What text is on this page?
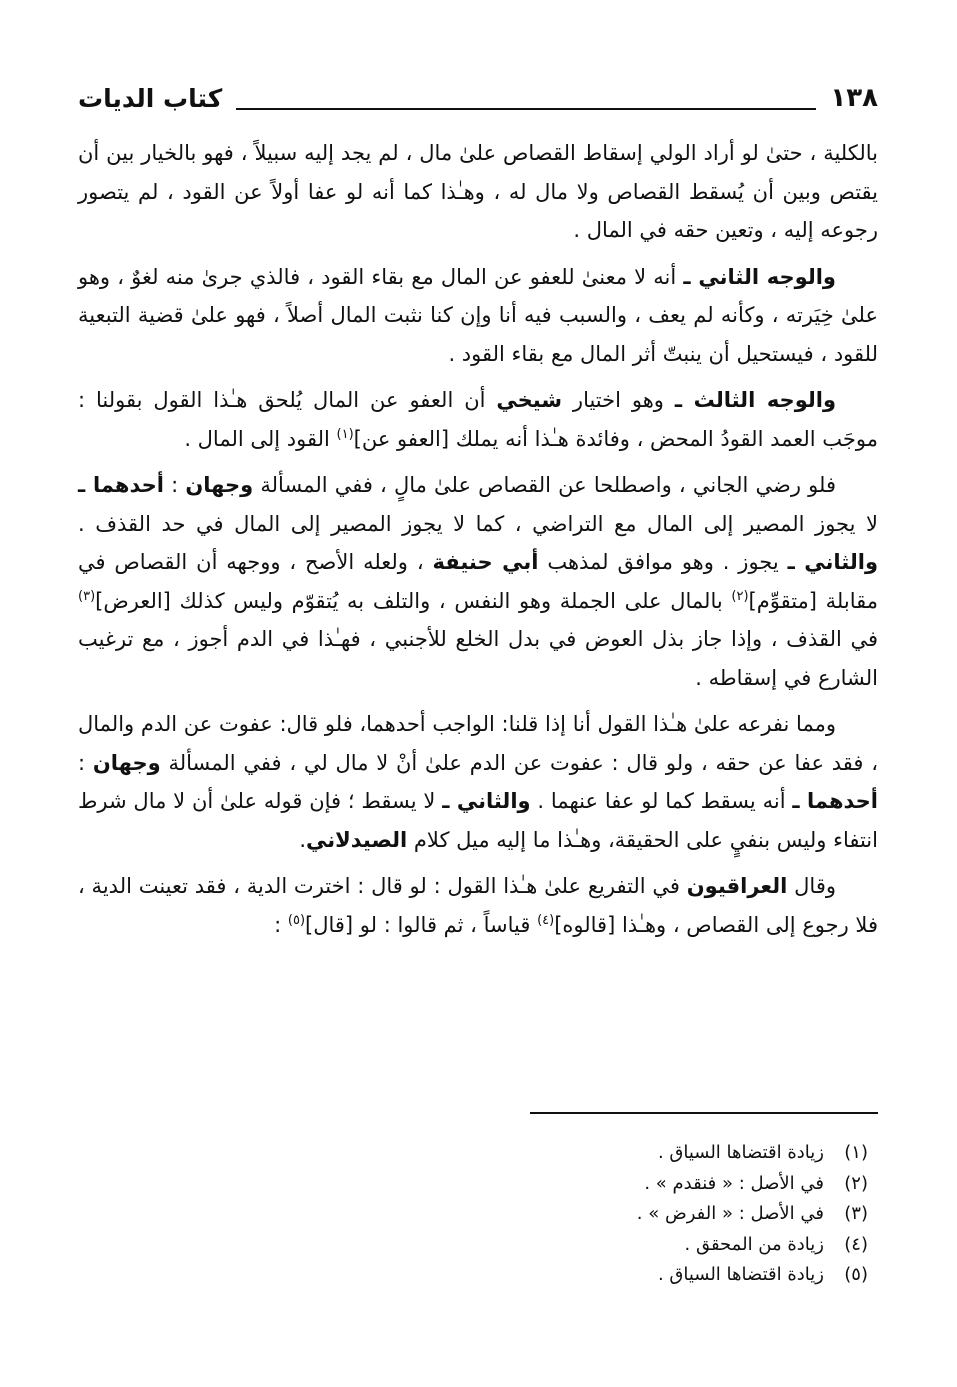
١٣٨
كتاب الديات

بالكلية ، حتىٰ لو أراد الولي إسقاط القصاص علىٰ مال ، لم يجد إليه سبيلاً ، فهو بالخيار بين أن يقتص وبين أن يُسقط القصاص ولا مال له ، وهـٰذا كما أنه لو عفا أولاً عن القود ، لم يتصور رجوعه إليه ، وتعين حقه في المال .

والوجه الثاني ـ أنه لا معنىٰ للعفو عن المال مع بقاء القود ، فالذي جرىٰ منه لغوٌ ، وهو علىٰ خِيَرته ، وكأنه لم يعف ، والسبب فيه أنا وإن كنا نثبت المال أصلاً ، فهو علىٰ قضية التبعية للقود ، فيستحيل أن ينبتّ أثر المال مع بقاء القود .

والوجه الثالث ـ وهو اختيار شيخي أن العفو عن المال يُلحق هـٰذا القول بقولنا : موجَب العمد القودُ المحض ، وفائدة هـٰذا أنه يملك [العفو عن]$^{(١)}$ القود إلى المال .

فلو رضي الجاني ، واصطلحا عن القصاص علىٰ مالٍ ، ففي المسألة وجهان : أحدهما ـ لا يجوز المصير إلى المال مع التراضي ، كما لا يجوز المصير إلى المال في حد القذف . والثاني ـ يجوز . وهو موافق لمذهب أبي حنيفة ، ولعله الأصح ، ووجهه أن القصاص في مقابلة [متقوِّم]$^{(٢)}$ بالمال على الجملة وهو النفس ، والتلف به يُتقوّم وليس كذلك [العرض]$^{(٣)}$ في القذف ، وإذا جاز بذل العوض في بدل الخلع للأجنبي ، فهـٰذا في الدم أجوز ، مع ترغيب الشارع في إسقاطه .

ومما نفرعه علىٰ هـٰذا القول أنا إذا قلنا: الواجب أحدهما، فلو قال: عفوت عن الدم والمال ، فقد عفا عن حقه ، ولو قال : عفوت عن الدم علىٰ أنْ لا مال لي ، ففي المسألة وجهان : أحدهما ـ أنه يسقط كما لو عفا عنهما . والثاني ـ لا يسقط ؛ فإن قوله علىٰ أن لا مال شرط انتفاء وليس بنفيٍ على الحقيقة، وهـٰذا ما إليه ميل كلام الصيدلاني.

وقال العراقيون في التفريع علىٰ هـٰذا القول : لو قال : اخترت الدية ، فقد تعينت الدية ، فلا رجوع إلى القصاص ، وهـٰذا [قالوه]$^{(٤)}$ قياساً ، ثم قالوا : لو [قال]$^{(٥)}$ :

(١)
زيادة اقتضاها السياق .
(٢)
في الأصل : « فنقدم » .
(٣)
في الأصل : « الفرض » .
(٤)
زيادة من المحقق .
(٥)
زيادة اقتضاها السياق .
